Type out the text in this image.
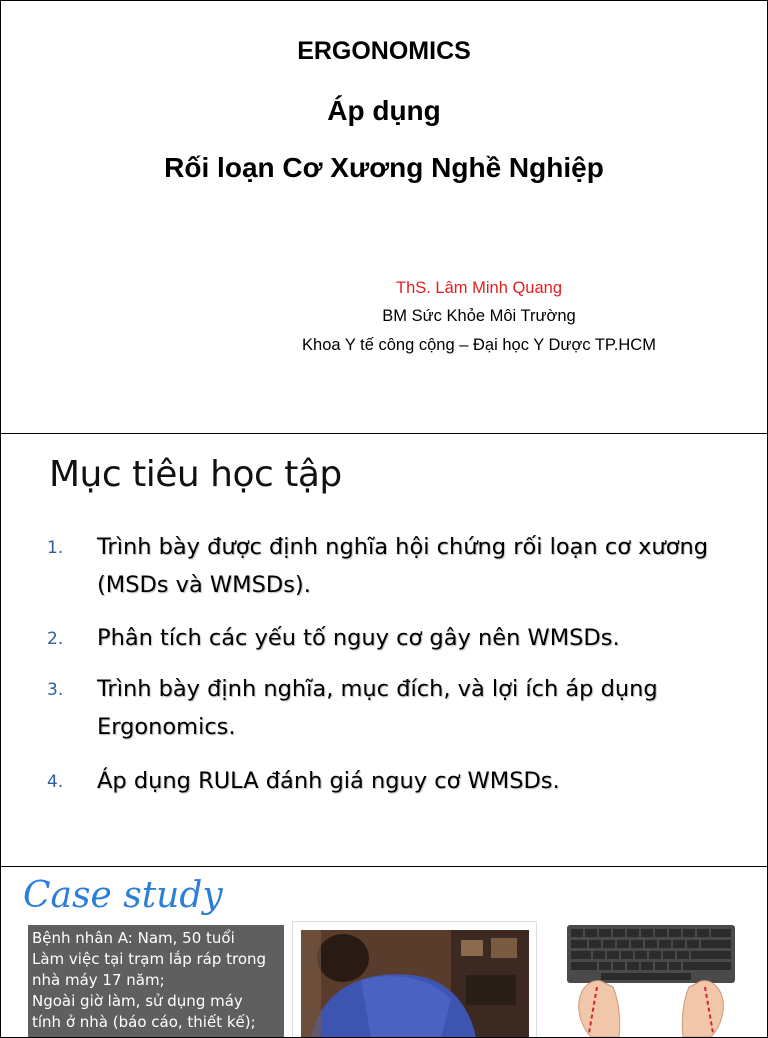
ERGONOMICS
Áp dụng
Rối loạn Cơ Xương Nghề Nghiệp
ThS. Lâm Minh Quang
BM Sức Khỏe Môi Trường
Khoa Y tế công cộng – Đại học Y Dược TP.HCM
Mục tiêu học tập
1. Trình bày được định nghĩa hội chứng rối loạn cơ xương
(MSDs và WMSDs).
2. Phân tích các yếu tố nguy cơ gây nên WMSDs.
3. Trình bày định nghĩa, mục đích, và lợi ích áp dụng
Ergonomics.
4. Áp dụng RULA đánh giá nguy cơ WMSDs.
Case study
Bệnh nhân A: Nam, 50 tuổi
Làm việc tại trạm lắp ráp trong
nhà máy 17 năm;
Ngoài giờ làm, sử dụng máy
tính ở nhà (báo cáo, thiết kế);
